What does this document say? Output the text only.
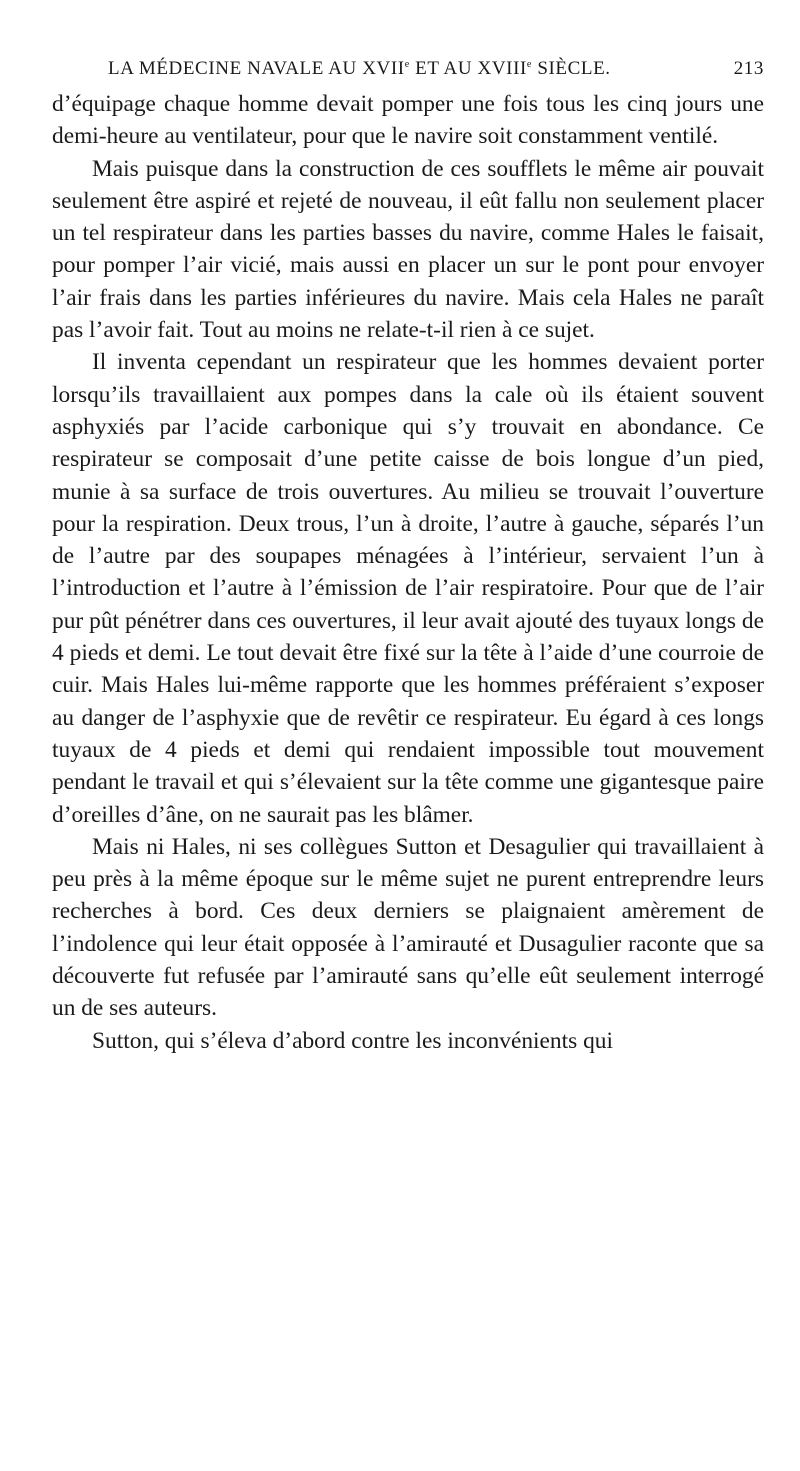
LA MÉDECINE NAVALE AU XVIIe ET AU XVIIIe SIÈCLE.	213

d’équipage chaque homme devait pomper une fois tous les cinq jours une demi-heure au ventilateur, pour que le navire soit constamment ventilé.

Mais puisque dans la construction de ces soufflets le même air pouvait seulement être aspiré et rejeté de nouveau, il eût fallu non seulement placer un tel respirateur dans les parties basses du navire, comme Hales le faisait, pour pomper l’air vicié, mais aussi en placer un sur le pont pour envoyer l’air frais dans les parties inférieures du navire. Mais cela Hales ne paraît pas l’avoir fait. Tout au moins ne relate-t-il rien à ce sujet.

Il inventa cependant un respirateur que les hommes devaient porter lorsqu’ils travaillaient aux pompes dans la cale où ils étaient souvent asphyxiés par l’acide carbonique qui s’y trouvait en abondance. Ce respirateur se composait d’une petite caisse de bois longue d’un pied, munie à sa surface de trois ouvertures. Au milieu se trouvait l’ouverture pour la respiration. Deux trous, l’un à droite, l’autre à gauche, séparés l’un de l’autre par des soupapes ménagées à l’intérieur, servaient l’un à l’introduction et l’autre à l’émission de l’air respiratoire. Pour que de l’air pur pût pénétrer dans ces ouvertures, il leur avait ajouté des tuyaux longs de 4 pieds et demi. Le tout devait être fixé sur la tête à l’aide d’une courroie de cuir. Mais Hales lui-même rapporte que les hommes préféraient s’exposer au danger de l’asphyxie que de revêtir ce respirateur. Eu égard à ces longs tuyaux de 4 pieds et demi qui rendaient impossible tout mouvement pendant le travail et qui s’élevaient sur la tête comme une gigantesque paire d’oreilles d’âne, on ne saurait pas les blâmer.

Mais ni Hales, ni ses collègues Sutton et Desagulier qui travaillaient à peu près à la même époque sur le même sujet ne purent entreprendre leurs recherches à bord. Ces deux derniers se plaignaient amèrement de l’indolence qui leur était opposée à l’amirauté et Dusagulier raconte que sa découverte fut refusée par l’amirauté sans qu’elle eût seulement interrogé un de ses auteurs.

Sutton, qui s’éleva d’abord contre les inconvénients qui
